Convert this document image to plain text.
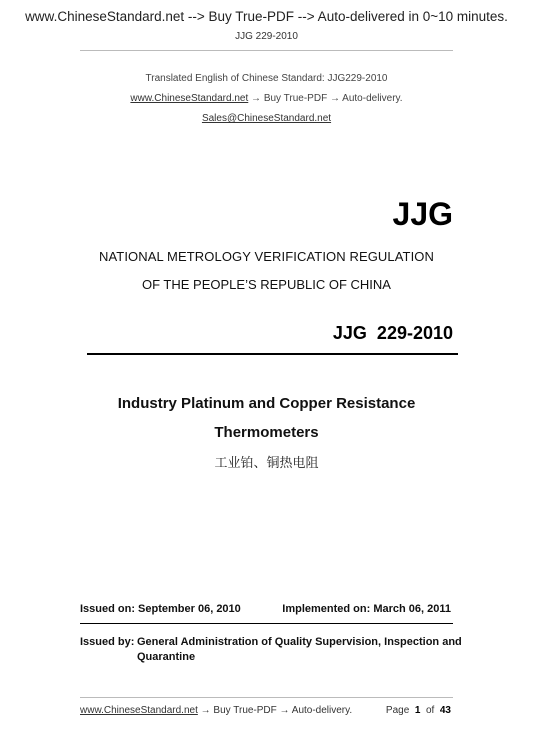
www.ChineseStandard.net --> Buy True-PDF --> Auto-delivered in 0~10 minutes.
JJG 229-2010
Translated English of Chinese Standard: JJG229-2010
www.ChineseStandard.net → Buy True-PDF → Auto-delivery.
Sales@ChineseStandard.net
JJG
NATIONAL METROLOGY VERIFICATION REGULATION
OF THE PEOPLE’S REPUBLIC OF CHINA
JJG  229-2010
Industry Platinum and Copper Resistance
Thermometers
工业铂、铜热电阻
Issued on: September 06, 2010	Implemented on: March 06, 2011
Issued by: General Administration of Quality Supervision, Inspection and
Quarantine
www.ChineseStandard.net → Buy True-PDF → Auto-delivery.	Page 1 of 43
